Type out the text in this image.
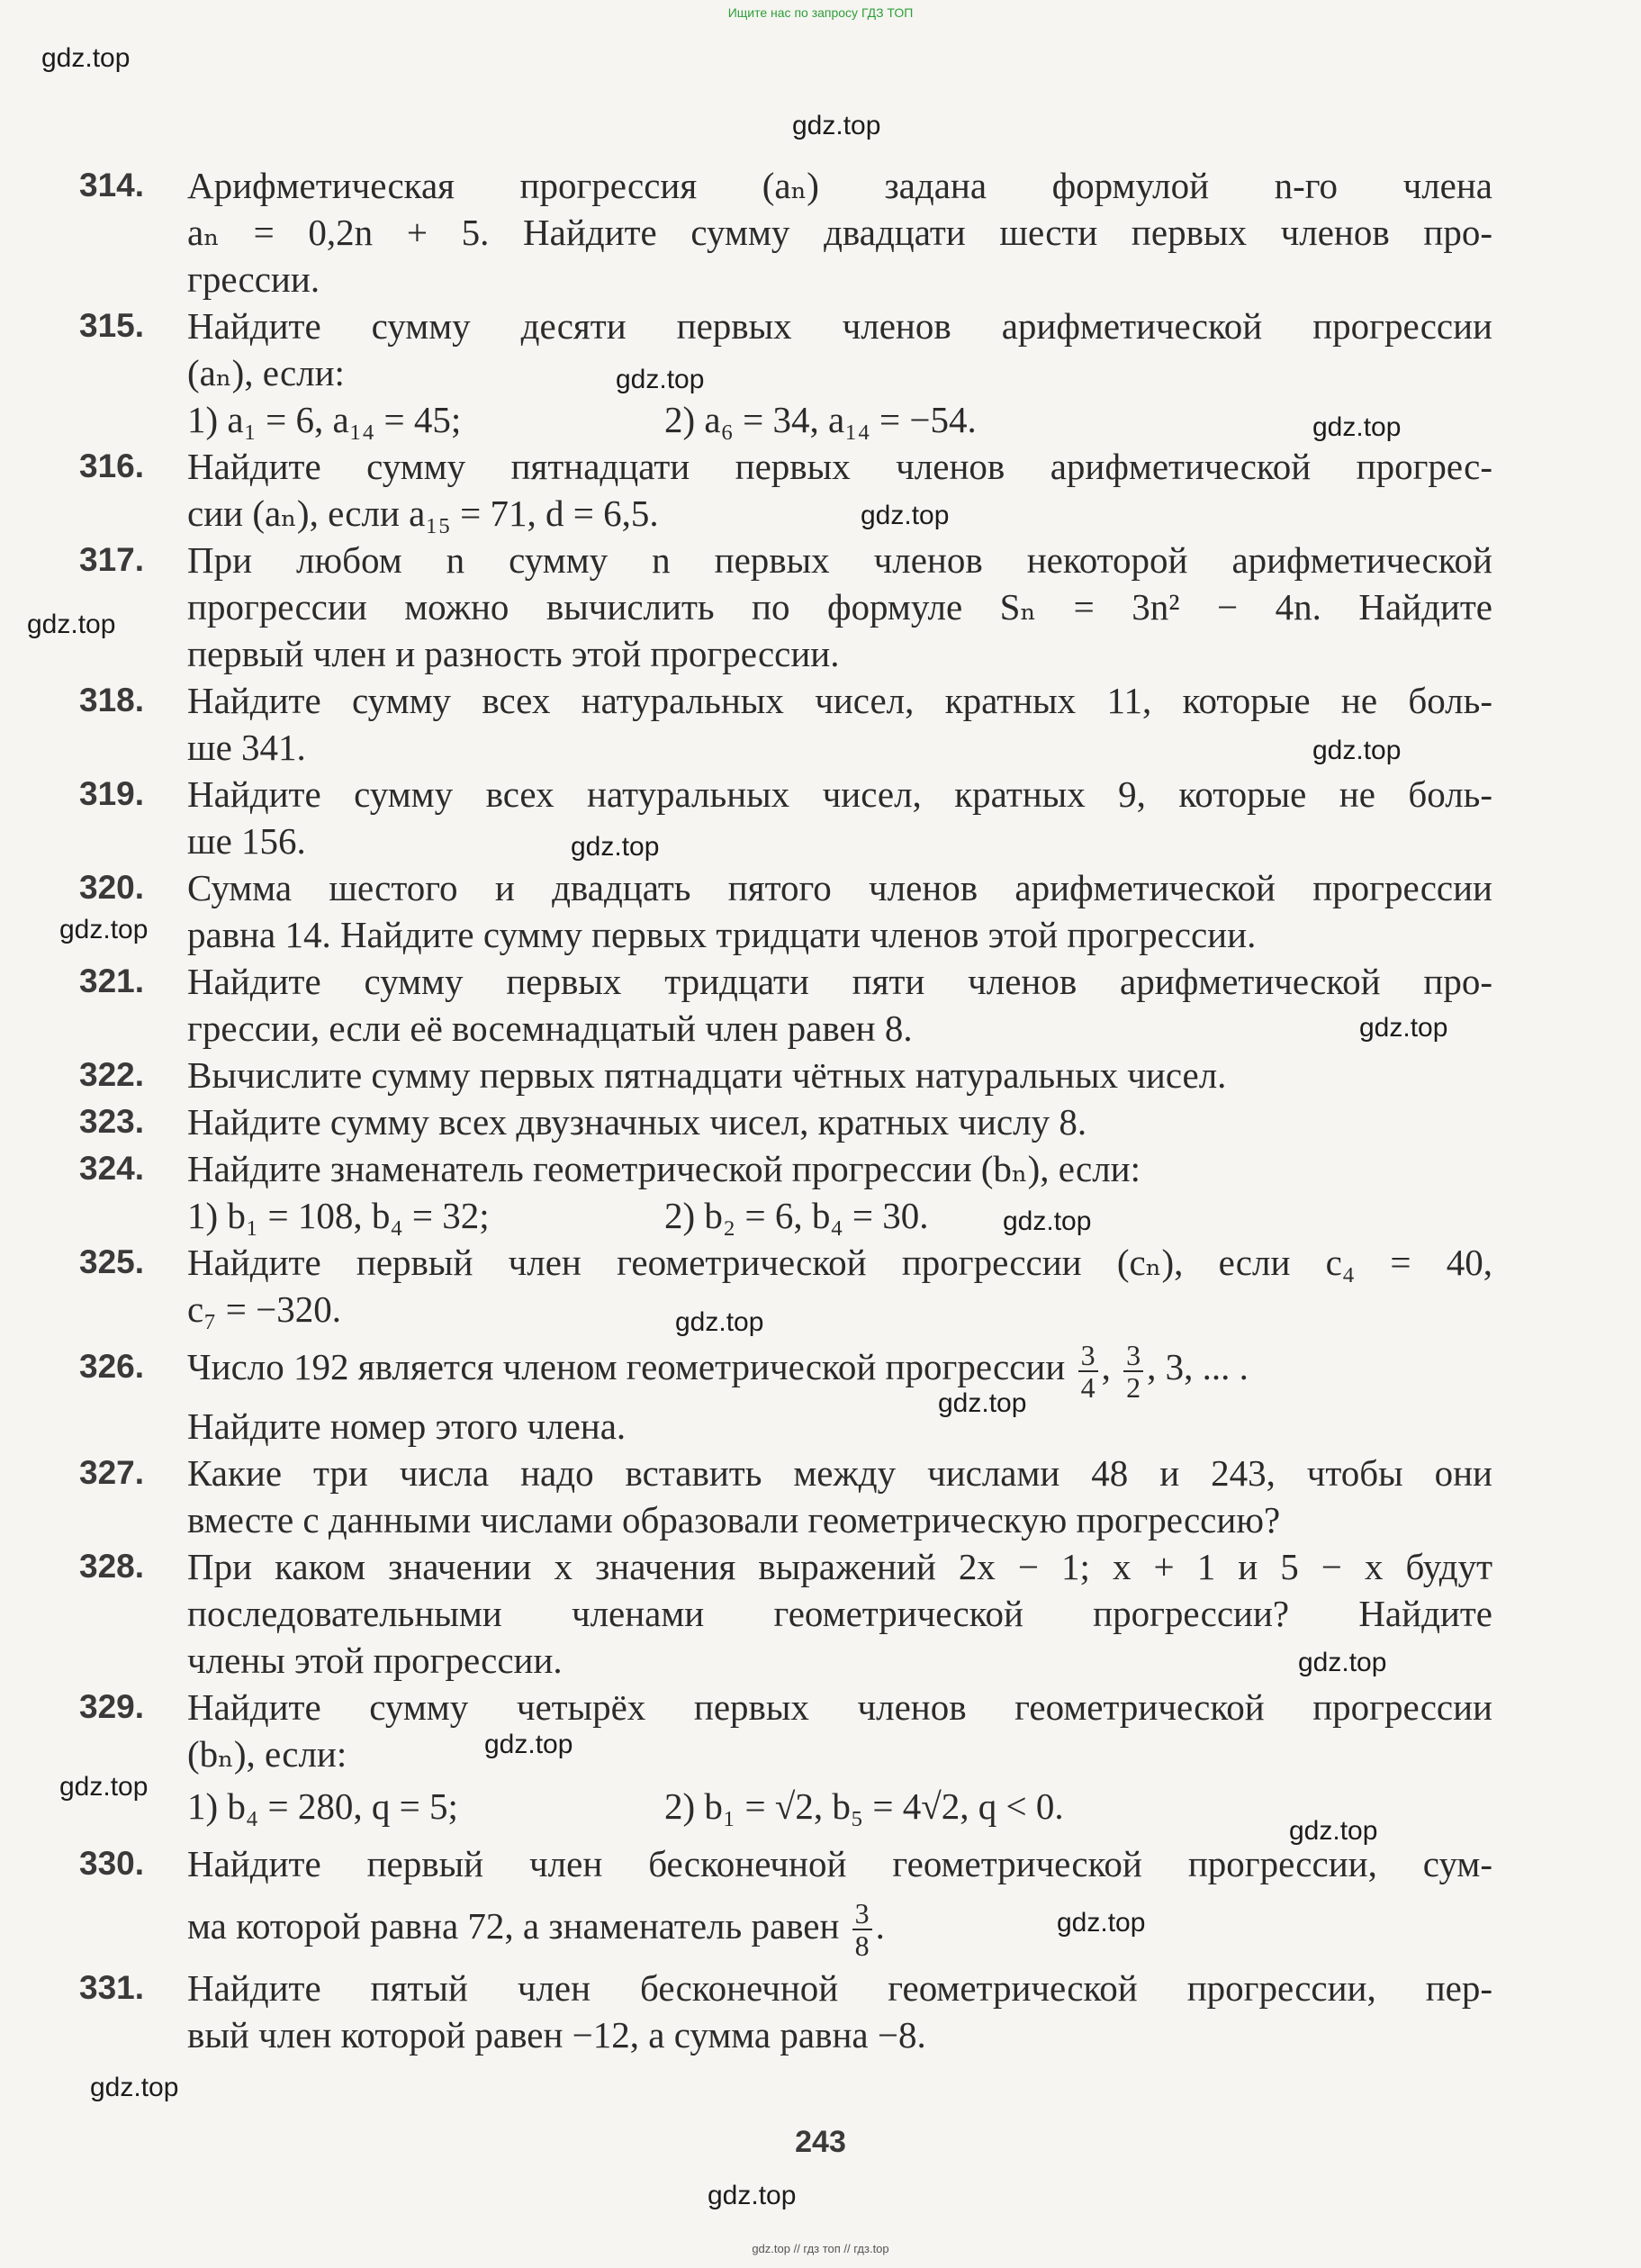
Ищите нас по запросу ГДЗ ТОП
gdz.top
gdz.top
gdz.top
gdz.top
gdz.top
gdz.top
gdz.top
gdz.top
gdz.top
gdz.top
gdz.top
gdz.top
gdz.top
gdz.top
gdz.top
gdz.top
gdz.top
gdz.top
gdz.top
gdz.top
314.	Арифметическая прогрессия (aₙ) задана формулой n-го члена
aₙ = 0,2n + 5. Найдите сумму двадцати шести первых членов про-
грессии.
315.	Найдите сумму десяти первых членов арифметической прогрессии
(aₙ), если:
1) a₁ = 6, a₁₄ = 45;	2) a₆ = 34, a₁₄ = −54.
316.	Найдите сумму пятнадцати первых членов арифметической прогрес-
сии (aₙ), если a₁₅ = 71, d = 6,5.
317.	При любом n сумму n первых членов некоторой арифметической
прогрессии можно вычислить по формуле Sₙ = 3n² − 4n. Найдите
первый член и разность этой прогрессии.
318.	Найдите сумму всех натуральных чисел, кратных 11, которые не боль-
ше 341.
319.	Найдите сумму всех натуральных чисел, кратных 9, которые не боль-
ше 156.
320.	Сумма шестого и двадцать пятого членов арифметической прогрессии
равна 14. Найдите сумму первых тридцати членов этой прогрессии.
321.	Найдите сумму первых тридцати пяти членов арифметической про-
грессии, если её восемнадцатый член равен 8.
322.	Вычислите сумму первых пятнадцати чётных натуральных чисел.
323.	Найдите сумму всех двузначных чисел, кратных числу 8.
324.	Найдите знаменатель геометрической прогрессии (bₙ), если:
1) b₁ = 108, b₄ = 32;	2) b₂ = 6, b₄ = 30.
325.	Найдите первый член геометрической прогрессии (cₙ), если c₄ = 40,
c₇ = −320.
326.	Число 192 является членом геометрической прогрессии $\frac{3}{4}$ , $\frac{3}{2}$ , 3, ... .
Найдите номер этого члена.
327.	Какие три числа надо вставить между числами 48 и 243, чтобы они
вместе с данными числами образовали геометрическую прогрессию?
328.	При каком значении x значения выражений 2x − 1; x + 1 и 5 − x будут
последовательными членами геометрической прогрессии? Найдите
члены этой прогрессии.
329.	Найдите сумму четырёх первых членов геометрической прогрессии
(bₙ), если:
1) b₄ = 280, q = 5;	2) b₁ = √2, b₅ = 4√2, q < 0.
330.	Найдите первый член бесконечной геометрической прогрессии, сум-
ма которой равна 72, а знаменатель равен $\frac{3}{8}$ .
331.	Найдите пятый член бесконечной геометрической прогрессии, пер-
вый член которой равен −12, а сумма равна −8.
243
gdz.top // гдз топ // гдз.top
